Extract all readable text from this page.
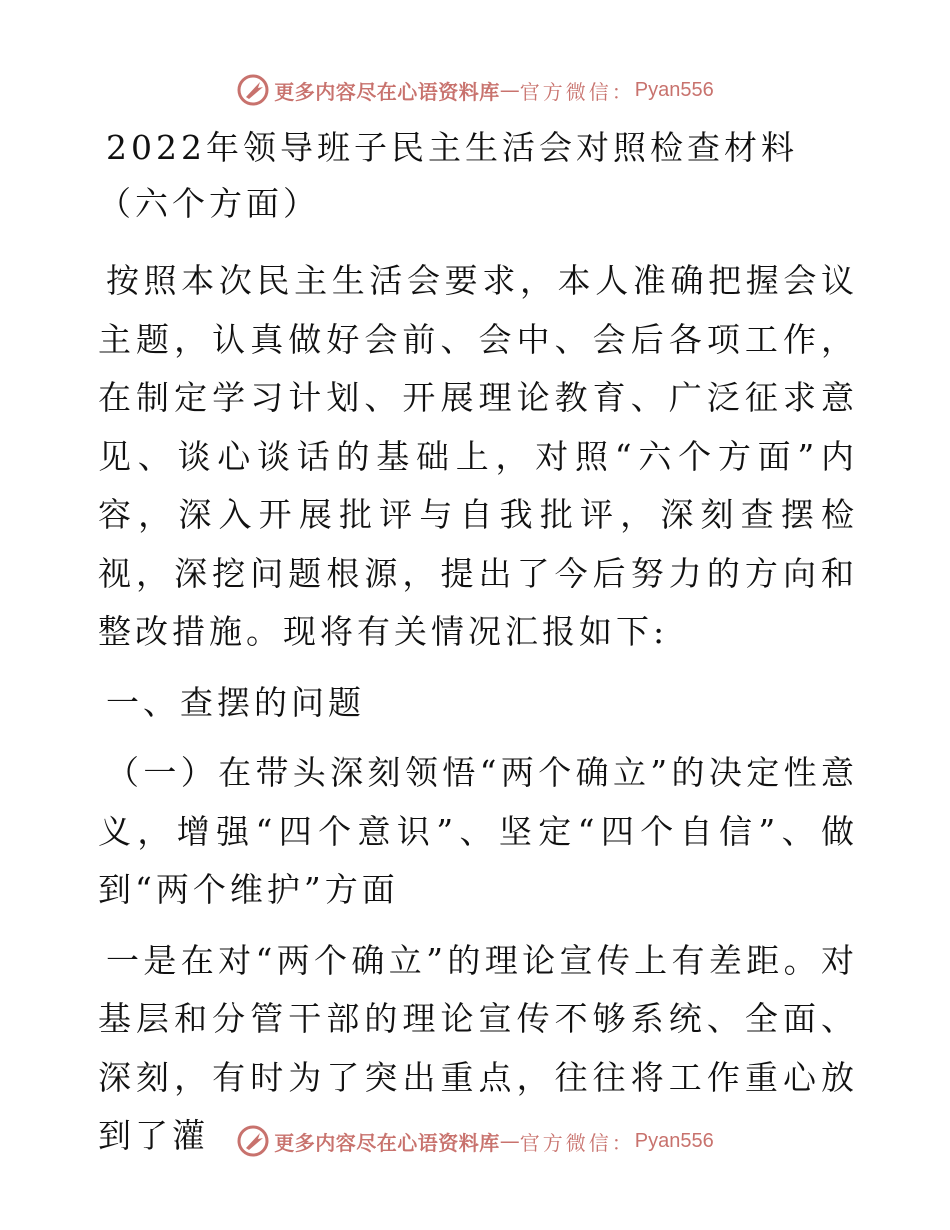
更多内容尽在心语资料库 — 官方微信： Pyan556
2022年领导班子民主生活会对照检查材料（六个方面）

按照本次民主生活会要求，本人准确把握会议主题，认真做好会前、会中、会后各项工作，在制定学习计划、开展理论教育、广泛征求意见、谈心谈话的基础上，对照“六个方面”内容，深入开展批评与自我批评，深刻查摆检视，深挖问题根源，提出了今后努力的方向和整改措施。现将有关情况汇报如下:

一、查摆的问题

（一）在带头深刻领悟“两个确立”的决定性意义，增强“四个意识”、坚定“四个自信”、做到“两个维护”方面

一是在对“两个确立”的理论宣传上有差距。对基层和分管干部的理论宣传不够系统、全面、深刻，有时为了突出重点，往往将工作重心放到了灌	更多内容尽在心语资料库 — 官方微信： Pyan556
